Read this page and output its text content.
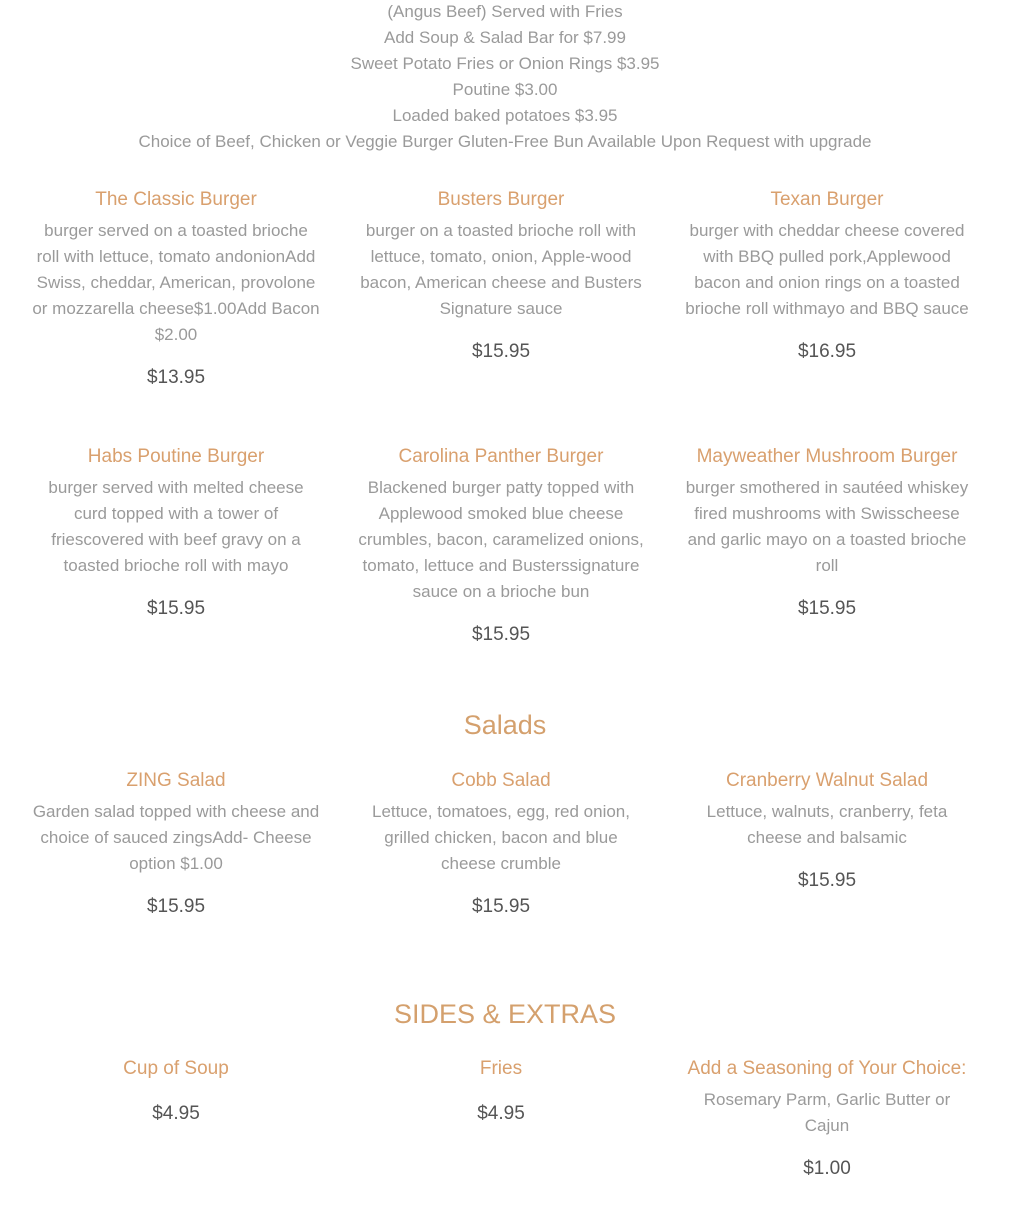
(Angus Beef) Served with Fries
Add Soup & Salad Bar for $7.99
Sweet Potato Fries or Onion Rings $3.95
Poutine $3.00
Loaded baked potatoes $3.95
Choice of Beef, Chicken or Veggie Burger Gluten-Free Bun Available Upon Request with upgrade
The Classic Burger
burger served on a toasted brioche roll with lettuce, tomato andonionAdd Swiss, cheddar, American, provolone or mozzarella cheese$1.00Add Bacon $2.00
$13.95
Busters Burger
burger on a toasted brioche roll with lettuce, tomato, onion, Apple-wood bacon, American cheese and Busters Signature sauce
$15.95
Texan Burger
burger with cheddar cheese covered with BBQ pulled pork,Applewood bacon and onion rings on a toasted brioche roll withmayo and BBQ sauce
$16.95
Habs Poutine Burger
burger served with melted cheese curd topped with a tower of friescovered with beef gravy on a toasted brioche roll with mayo
$15.95
Carolina Panther Burger
Blackened burger patty topped with Applewood smoked blue cheese crumbles, bacon, caramelized onions, tomato, lettuce and Busterssignature sauce on a brioche bun
$15.95
Mayweather Mushroom Burger
burger smothered in sautéed whiskey fired mushrooms with Swisscheese and garlic mayo on a toasted brioche roll
$15.95
Salads
ZING Salad
Garden salad topped with cheese and choice of sauced zingsAdd- Cheese option $1.00
$15.95
Cobb Salad
Lettuce, tomatoes, egg, red onion, grilled chicken, bacon and blue cheese crumble
$15.95
Cranberry Walnut Salad
Lettuce, walnuts, cranberry, feta cheese and balsamic
$15.95
SIDES & EXTRAS
Cup of Soup
$4.95
Fries
$4.95
Add a Seasoning of Your Choice:
Rosemary Parm, Garlic Butter or Cajun
$1.00
